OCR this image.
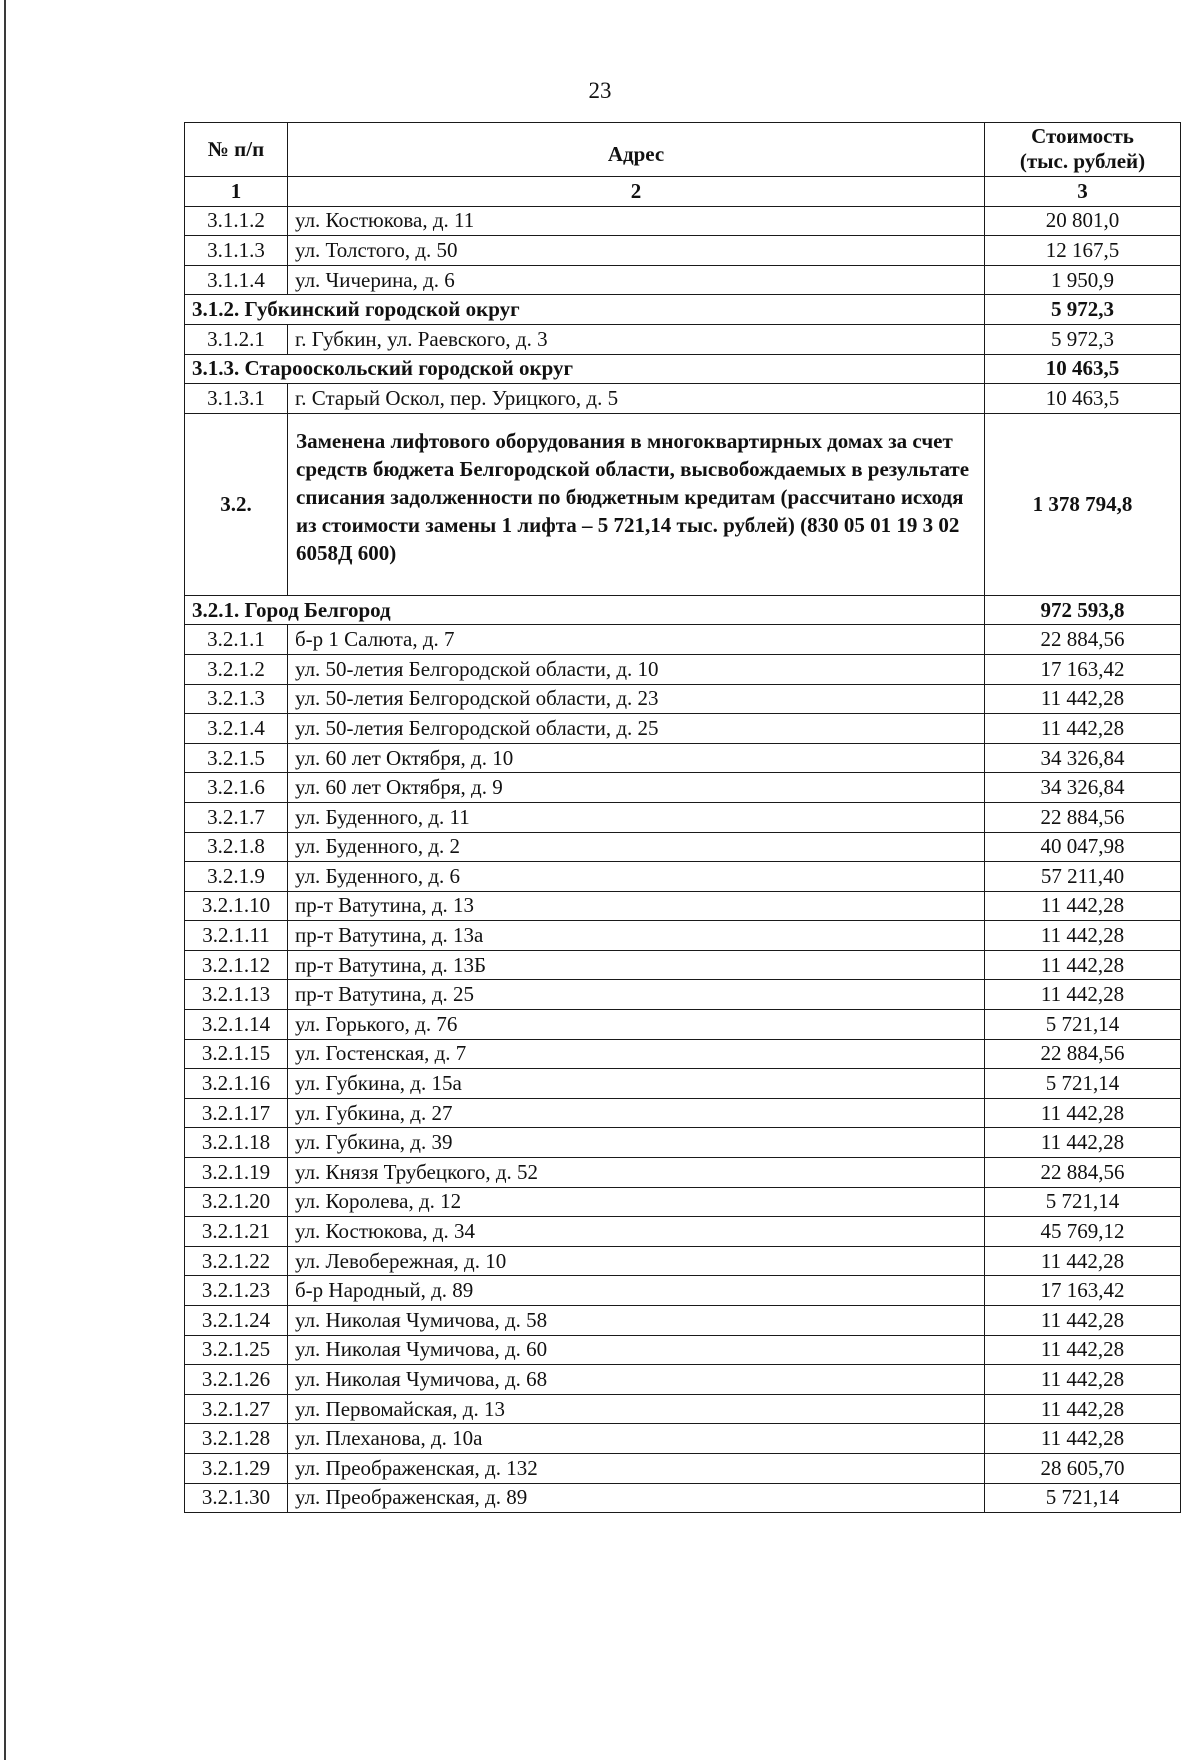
23
№ п/п	Адрес	Стоимость
(тыс. рублей)

1	2	3
3.1.1.2	ул. Костюкова, д. 11	20 801,0
3.1.1.3	ул. Толстого, д. 50	12 167,5
3.1.1.4	ул. Чичерина, д. 6	1 950,9
3.1.2. Губкинский городской округ		5 972,3
3.1.2.1	г. Губкин, ул. Раевского, д. 3	5 972,3
3.1.3. Старооскольский городской округ		10 463,5
3.1.3.1	г. Старый Оскол, пер. Урицкого, д. 5	10 463,5
3.2.	Заменена лифтового оборудования в многоквартирных домах за счет средств бюджета Белгородской области, высвобождаемых в результате списания задолженности по бюджетным кредитам (рассчитано исходя из стоимости замены 1 лифта – 5 721,14 тыс. рублей) (830 05 01 19 3 02 6058Д 600)	1 378 794,8
3.2.1. Город Белгород		972 593,8
3.2.1.1	б-р 1 Салюта, д. 7	22 884,56
3.2.1.2	ул. 50-летия Белгородской области, д. 10	17 163,42
3.2.1.3	ул. 50-летия Белгородской области, д. 23	11 442,28
3.2.1.4	ул. 50-летия Белгородской области, д. 25	11 442,28
3.2.1.5	ул. 60 лет Октября, д. 10	34 326,84
3.2.1.6	ул. 60 лет Октября, д. 9	34 326,84
3.2.1.7	ул. Буденного, д. 11	22 884,56
3.2.1.8	ул. Буденного, д. 2	40 047,98
3.2.1.9	ул. Буденного, д. 6	57 211,40
3.2.1.10	пр-т Ватутина, д. 13	11 442,28
3.2.1.11	пр-т Ватутина, д. 13а	11 442,28
3.2.1.12	пр-т Ватутина, д. 13Б	11 442,28
3.2.1.13	пр-т Ватутина, д. 25	11 442,28
3.2.1.14	ул. Горького, д. 76	5 721,14
3.2.1.15	ул. Гостенская, д. 7	22 884,56
3.2.1.16	ул. Губкина, д. 15а	5 721,14
3.2.1.17	ул. Губкина, д. 27	11 442,28
3.2.1.18	ул. Губкина, д. 39	11 442,28
3.2.1.19	ул. Князя Трубецкого, д. 52	22 884,56
3.2.1.20	ул. Королева, д. 12	5 721,14
3.2.1.21	ул. Костюкова, д. 34	45 769,12
3.2.1.22	ул. Левобережная, д. 10	11 442,28
3.2.1.23	б-р Народный, д. 89	17 163,42
3.2.1.24	ул. Николая Чумичова, д. 58	11 442,28
3.2.1.25	ул. Николая Чумичова, д. 60	11 442,28
3.2.1.26	ул. Николая Чумичова, д. 68	11 442,28
3.2.1.27	ул. Первомайская, д. 13	11 442,28
3.2.1.28	ул. Плеханова, д. 10а	11 442,28
3.2.1.29	ул. Преображенская, д. 132	28 605,70
3.2.1.30	ул. Преображенская, д. 89	5 721,14
